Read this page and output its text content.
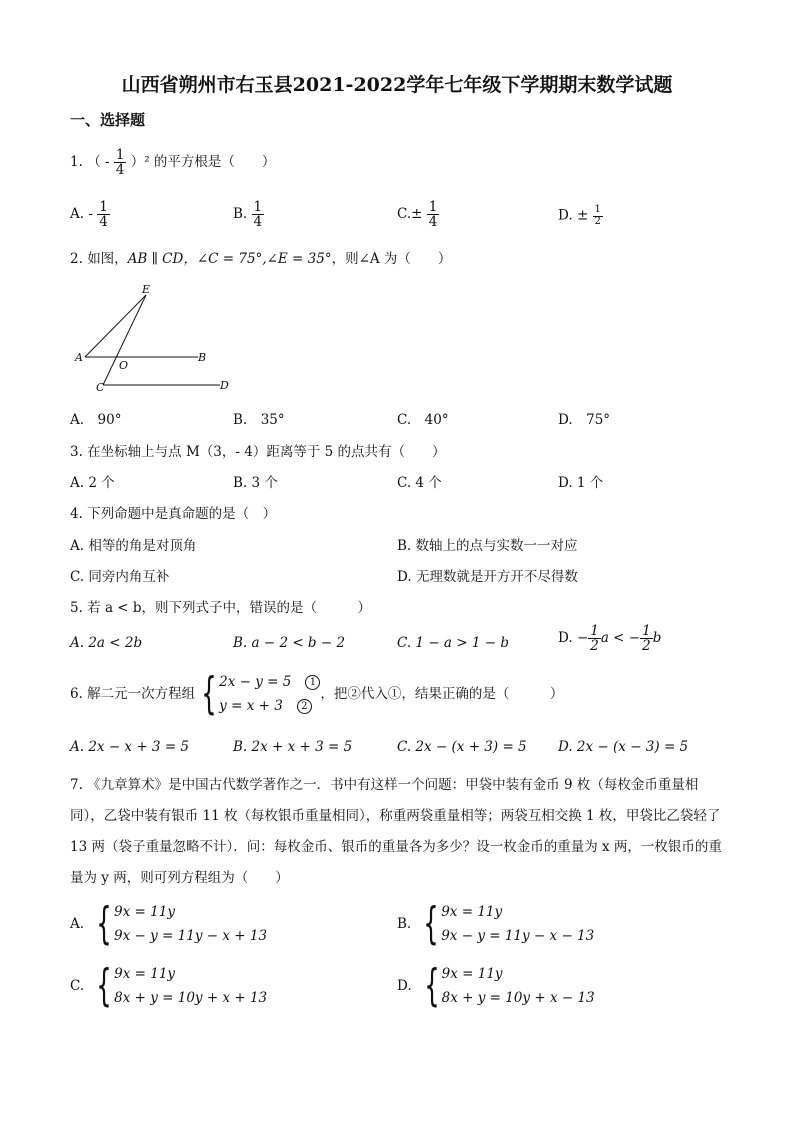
山西省朔州市右玉县2021-2022学年七年级下学期期末数学试题
一、选择题
1. （ - $\frac{1}{4} )^2$ 的平方根是（　　）
A. - $\frac{1}{4}$	B. $\frac{1}{4}$	$C.\pm \frac{1}{4}$	D. ± $\frac{1}{2}$
2. 如图，AB ∥ CD，∠C = 75°,∠E = 35°，则∠A 为（　　）
E
A
O
B
C	D
A.　90°	B.　35°	C.　40°	D.　75°
3. 在坐标轴上与点 M（3，- 4）距离等于 5 的点共有（　　）
A. 2 个	B. 3 个	C. 4 个	D. 1 个
4. 下列命题中是真命题的是（　）
A. 相等的角是对顶角	B. 数轴上的点与实数一一对应
C. 同旁内角互补	D. 无理数就是开方开不尽得数
5. 若 a < b，则下列式子中，错误的是（　　　）
A. 2a < 2b	B. a − 2 < b − 2	C. 1 − a > 1 − b	D. − $\frac{1}{2}$ a < − $\frac{1}{2}$ b
6. 解二元一次方程组 { 2x − y = 5 1
y = x + 3 2
，把②代入①，结果正确的是（　　　）
A. 2x − x + 3 = 5	B. 2x + x + 3 = 5	C. 2x − (x + 3) = 5 D. 2x − (x − 3) = 5
7. 《九章算术》是中国古代数学著作之一．书中有这样一个问题：甲袋中装有金币 9 枚（每枚金币重量相同），乙袋中装有银币 11 枚（每枚银币重量相同），称重两袋重量相等；两袋互相交换 1 枚，甲袋比乙袋轻了 13 两（袋子重量忽略不计）．问：每枚金币、银币的重量各为多少？设一枚金币的重量为 x 两，一枚银币的重量为 y 两，则可列方程组为（　　）
A. { 9x = 11y
9x − y = 11y − x + 13
B. { 9x = 11y
9x − y = 11y − x − 13
C. { 9x = 11y
8x + y = 10y + x + 13
D. { 9x = 11y
8x + y = 10y + x − 13
